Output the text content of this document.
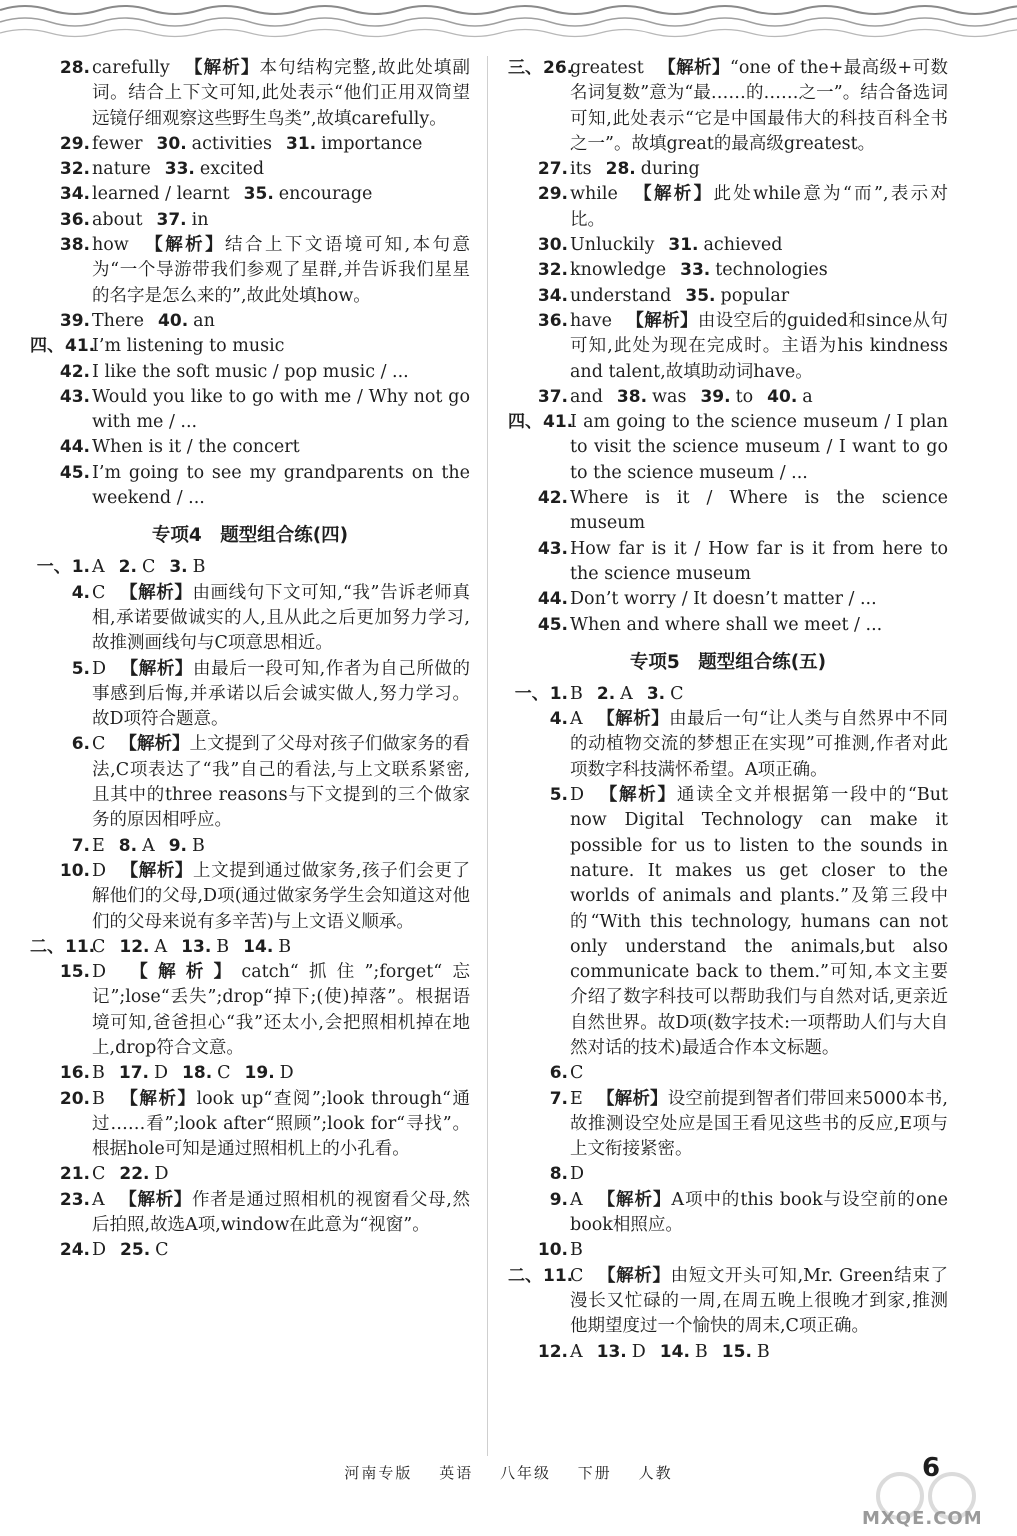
28. carefully 【解析】本句结构完整,故此处填副词。结合上下文可知,此处表示“他们正用双筒望远镜仔细观察这些野生鸟类”,故填carefully。
29. fewer 30. activities 31. importance
32. nature 33. excited
34. learned / learnt 35. encourage
36. about 37. in
38. how 【解析】结合上下文语境可知,本句意为“一个导游带我们参观了星群,并告诉我们星星的名字是怎么来的”,故此处填how。
39. There 40. an
四、41.
I’m listening to music
42. I like the soft music / pop music / ...
43. Would you like to go with me / Why not go with me / ...
44. When is it / the concert
45. I’m going to see my grandparents on the weekend / ...
专项4　题型组合练(四)
一、1. A 2. C 3. B
4. C 【解析】由画线句下文可知,“我”告诉老师真相,承诺要做诚实的人,且从此之后更加努力学习,故推测画线句与C项意思相近。
5. D 【解析】由最后一段可知,作者为自己所做的事感到后悔,并承诺以后会诚实做人,努力学习。故D项符合题意。
6. C 【解析】上文提到了父母对孩子们做家务的看法,C项表达了“我”自己的看法,与上文联系紧密,且其中的three reasons与下文提到的三个做家务的原因相呼应。
7. E 8. A 9. B
10. D 【解析】上文提到通过做家务,孩子们会更了解他们的父母,D项(通过做家务学生会知道这对他们的父母来说有多辛苦)与上文语义顺承。
二、11.
C 12. A 13. B 14. B
15. D 【解析】catch“抓住”;forget“忘记”;lose“丢失”;drop“掉下;(使)掉落”。根据语境可知,爸爸担心“我”还太小,会把照相机掉在地上,drop符合文意。
16. B 17. D 18. C 19. D
20. B 【解析】look up“查阅”;look through“通过……看”;look after“照顾”;look for“寻找”。根据hole可知是通过照相机上的小孔看。
21. C 22. D
23. A 【解析】作者是通过照相机的视窗看父母,然后拍照,故选A项,window在此意为“视窗”。
24. D 25. C
三、26.
greatest 【解析】“one of the+最高级+可数名词复数”意为“最……的……之一”。结合备选词可知,此处表示“它是中国最伟大的科技百科全书之一”。故填great的最高级greatest。
27. its 28. during
29. while 【解析】此处while意为“而”,表示对比。
30. Unluckily 31. achieved
32. knowledge 33. technologies
34. understand 35. popular
36. have 【解析】由设空后的guided和since从句可知,此处为现在完成时。主语为his kindness and talent,故填助动词have。
37. and 38. was 39. to 40. a
四、41.
I am going to the science museum / I plan to visit the science museum / I want to go to the science museum / ...
42. Where is it / Where is the science museum
43. How far is it / How far is it from here to the science museum
44. Don’t worry / It doesn’t matter / ...
45. When and where shall we meet / ...
专项5　题型组合练(五)
一、1. B 2. A 3. C
4. A 【解析】由最后一句“让人类与自然界中不同的动植物交流的梦想正在实现”可推测,作者对此项数字科技满怀希望。A项正确。
5. D 【解析】通读全文并根据第一段中的“But now Digital Technology can make it possible for us to listen to the sounds in nature. It makes us get closer to the worlds of animals and plants.”及第三段中的“With this technology, humans can not only understand the animals,but also communicate back to them.”可知,本文主要介绍了数字科技可以帮助我们与自然对话,更亲近自然世界。故D项(数字技术:一项帮助人们与大自然对话的技术)最适合作本文标题。
6. C
7. E 【解析】设空前提到智者们带回来5000本书,故推测设空处应是国王看见这些书的反应,E项与上文衔接紧密。
8. D
9. A 【解析】A项中的this book与设空前的one book相照应。
10. B
二、11.
C 【解析】由短文开头可知,Mr. Green结束了漫长又忙碌的一周,在周五晚上很晚才到家,推测他期望度过一个愉快的周末,C项正确。
12. A 13. D 14. B 15. B
河南专版 英语 八年级 下册 人教
MXQE.COM
6
